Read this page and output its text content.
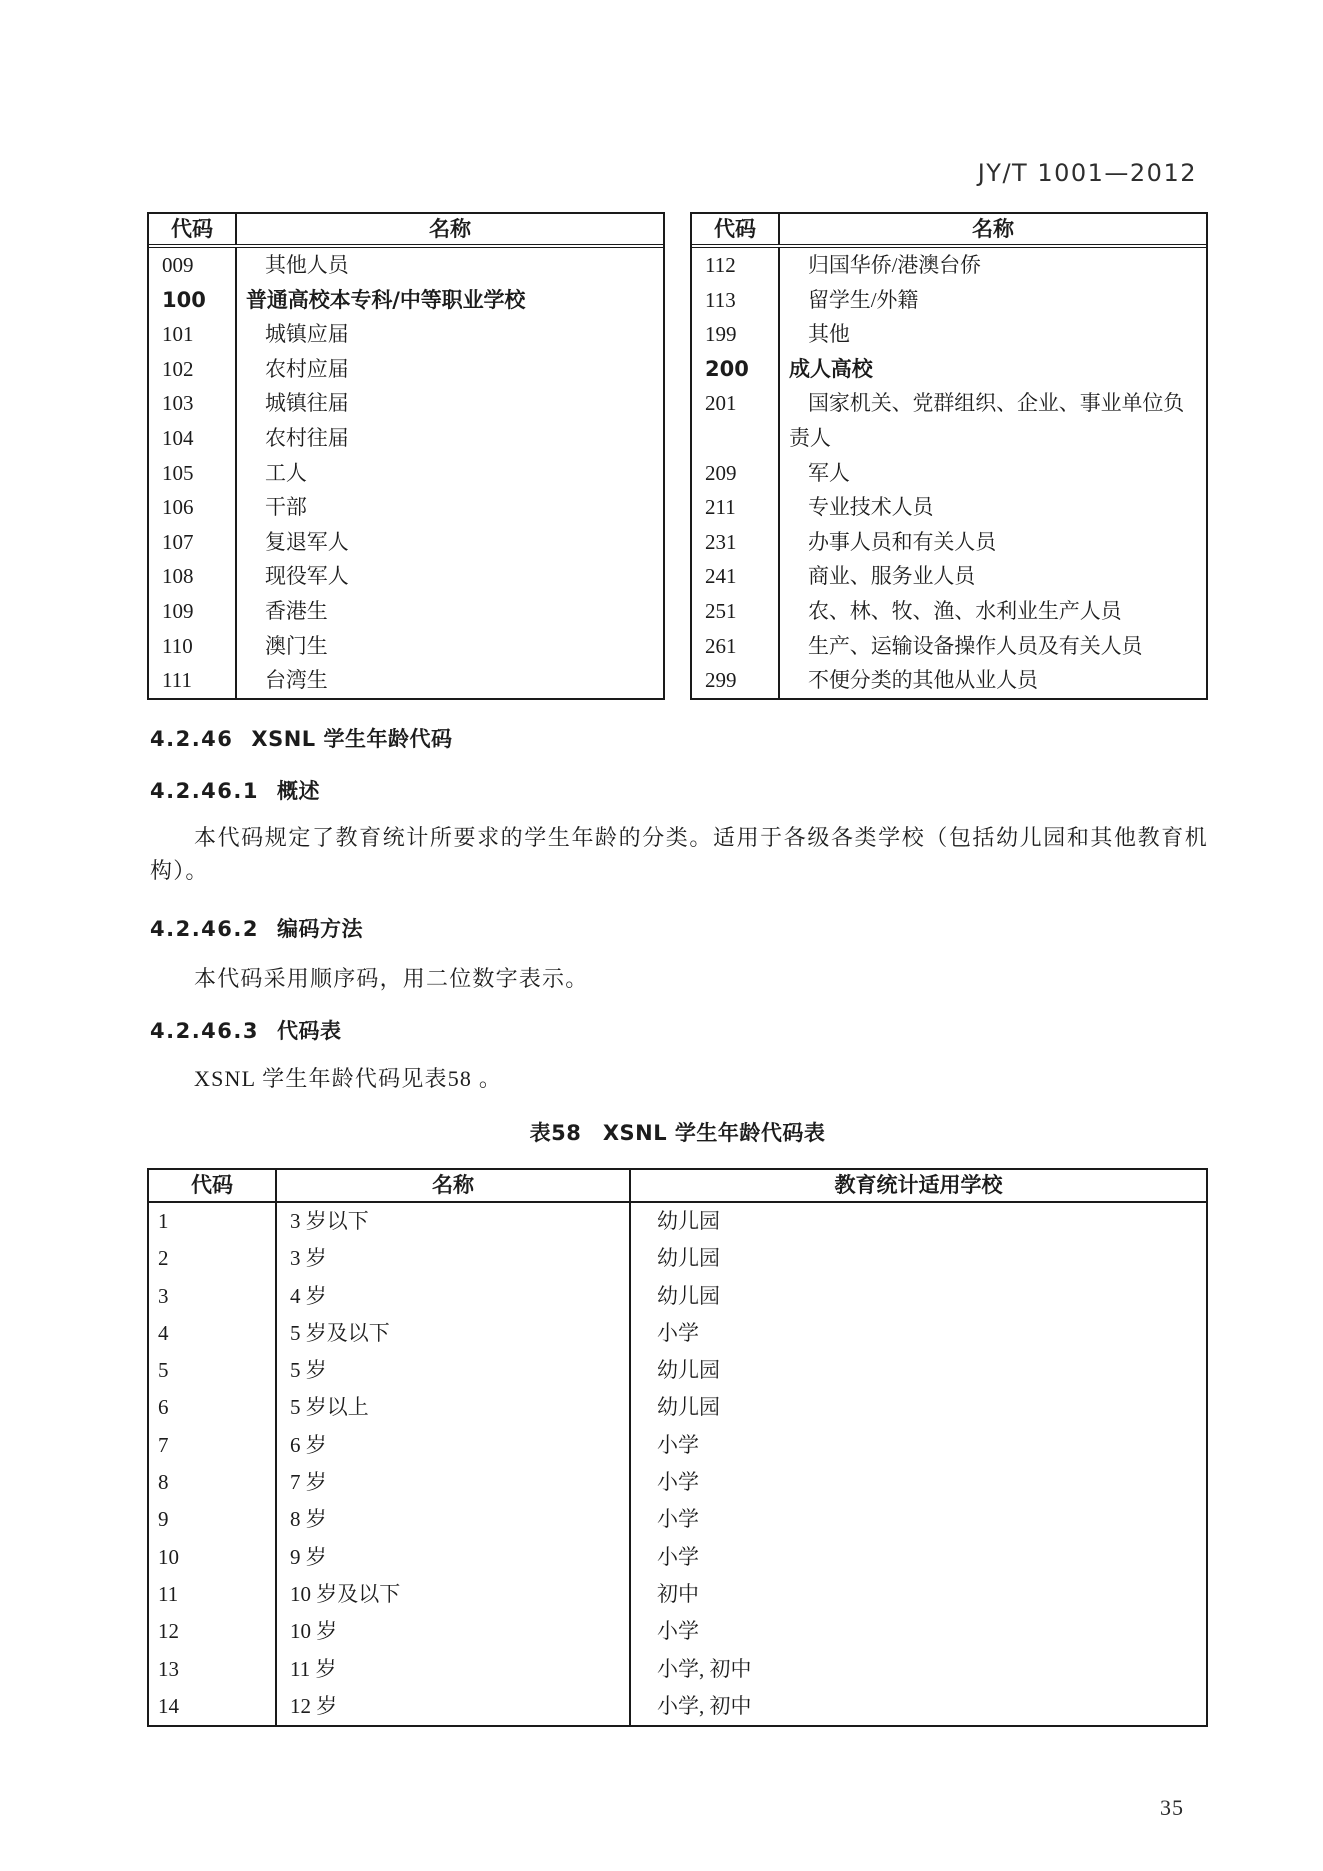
JY/T 1001—2012
代码	名称
009	其他人员
100	普通高校本专科/中等职业学校
101	城镇应届
102	农村应届
103	城镇往届
104	农村往届
105	工人
106	干部
107	复退军人
108	现役军人
109	香港生
110	澳门生
111	台湾生
代码	名称
112	归国华侨/港澳台侨
113	留学生/外籍
199	其他
200	成人高校
201	国家机关、党群组织、企业、事业单位负责人
209	军人
211	专业技术人员
231	办事人员和有关人员
241	商业、服务业人员
251	农、林、牧、渔、水利业生产人员
261	生产、运输设备操作人员及有关人员
299	不便分类的其他从业人员
4.2.46 XSNL 学生年龄代码
4.2.46.1 概述
本代码规定了教育统计所要求的学生年龄的分类。适用于各级各类学校（包括幼儿园和其他教育机构）。
4.2.46.2 编码方法
本代码采用顺序码，用二位数字表示。
4.2.46.3 代码表
XSNL 学生年龄代码见表58 。
表58　XSNL 学生年龄代码表
代码	名称	教育统计适用学校
1	3 岁以下	幼儿园
2	3 岁	幼儿园
3	4 岁	幼儿园
4	5 岁及以下	小学
5	5 岁	幼儿园
6	5 岁以上	幼儿园
7	6 岁	小学
8	7 岁	小学
9	8 岁	小学
10	9 岁	小学
11	10 岁及以下	初中
12	10 岁	小学
13	11 岁	小学, 初中
14	12 岁	小学, 初中
35
